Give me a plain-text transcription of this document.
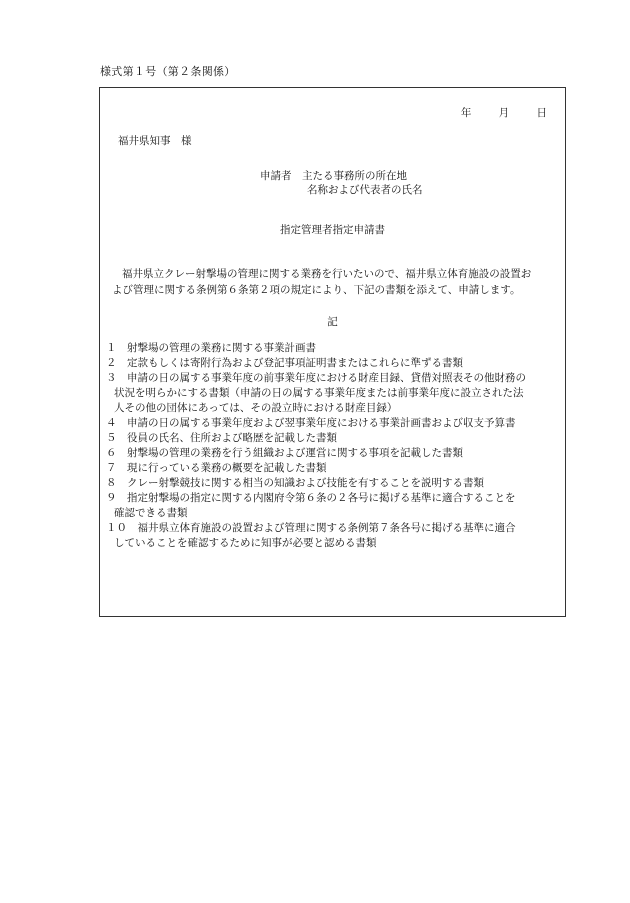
様式第１号（第２条関係）
年	月	日
福井県知事　様
申請者　主たる事務所の所在地
名称および代表者の氏名
指定管理者指定申請書

福井県立クレー射撃場の管理に関する業務を行いたいので、福井県立体育施設の設置お

よび管理に関する条例第６条第２項の規定により、下記の書類を添えて、申請します。

記

１　射撃場の管理の業務に関する事業計画書

２　定款もしくは寄附行為および登記事項証明書またはこれらに準ずる書類

３　申請の日の属する事業年度の前事業年度における財産目録、貸借対照表その他財務の

状況を明らかにする書類（申請の日の属する事業年度または前事業年度に設立された法

人その他の団体にあっては、その設立時における財産目録）

４　申請の日の属する事業年度および翌事業年度における事業計画書および収支予算書

５　役員の氏名、住所および略歴を記載した書類

６　射撃場の管理の業務を行う組織および運営に関する事項を記載した書類

７　現に行っている業務の概要を記載した書類

８　クレー射撃競技に関する相当の知識および技能を有することを説明する書類

９　指定射撃場の指定に関する内閣府令第６条の２各号に掲げる基準に適合することを

確認できる書類

１０　福井県立体育施設の設置および管理に関する条例第７条各号に掲げる基準に適合

していることを確認するために知事が必要と認める書類
